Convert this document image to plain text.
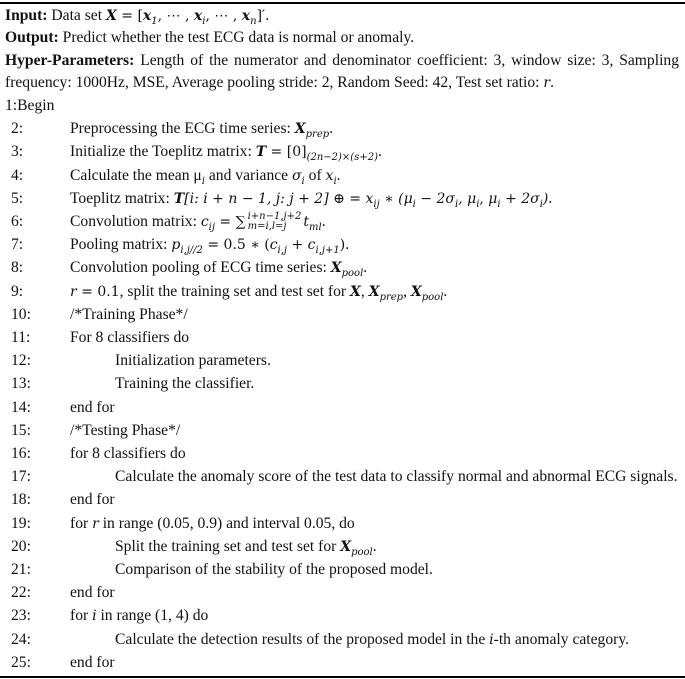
Input: Data set $X = [x_1$, ⋯ , $x_i$, ⋯ , $x_n]'$.
Output: Predict whether the test ECG data is normal or anomaly.
Hyper-Parameters: Length of the numerator and denominator coefficient: 3, window size: 3, Sampling
frequency: 1000Hz, MSE, Average pooling stride: 2, Random Seed: 42, Test set ratio: r.
1:Begin
2:	Preprocessing the ECG time series: $X_{prep}$.
3:	Initialize the Toeplitz matrix: $T = [0]_{(2n-2)\times(s+2)}$.
4:	Calculate the mean $\mu_i$ and variance $\sigma_i$ of $x_i$.
5:	Toeplitz matrix: T[i: i + n − 1, j: j + 2] ⊕ = $x_{ij}$ ∗ ($\mu_i - 2\sigma_i$, $\mu_i$, $\mu_i + 2\sigma_i$).
6:	Convolution matrix: $c_{ij}$ = ∑ i+n−1,j+2
m=i,l=j	$t_{ml}$.
7:	Pooling matrix: $p_{i,j//2} = 0.5$ ∗ $(c_{i,j} + c_{i,j+1})$.
8:	Convolution pooling of ECG time series: $X_{pool}$.
9:	r = 0.1, split the training set and test set for X, $X_{prep}$, $X_{pool}$.
10:	/*Training Phase*/
11:	For 8 classifiers do
12:	Initialization parameters.
13:	Training the classifier.
14:	end for
15:	/*Testing Phase*/
16:	for 8 classifiers do
17:	Calculate the anomaly score of the test data to classify normal and abnormal ECG signals.
18:	end for
19:	for r in range (0.05, 0.9) and interval 0.05, do
20:	Split the training set and test set for $X_{pool}$.
21:	Comparison of the stability of the proposed model.
22:	end for
23:	for i in range (1, 4) do
24:	Calculate the detection results of the proposed model in the i-th anomaly category.
25:	end for
